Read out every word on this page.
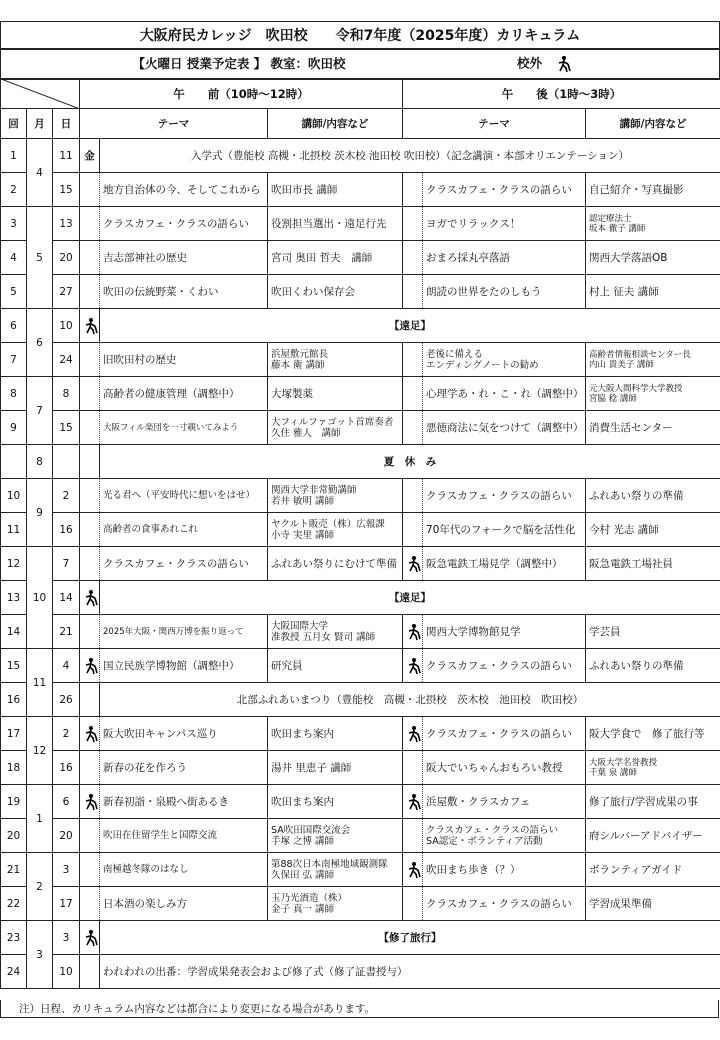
大阪府民カレッジ　吹田校　　令和7年度（2025年度）カリキュラム
【火曜日 授業予定表 】 教室：吹田校	校外
	午　　前（10時～12時）			午　　後（1時～3時）		
回	月	日	テーマ		講師/内容など	テーマ		講師/内容など
1	4	11	金	入学式（豊能校 高槻・北摂校 茨木校 池田校 吹田校）（記念講演・本部オリエンテーション）				
2		15		地方自治体の今、そしてこれから	吹田市長 講師		クラスカフェ・クラスの語らい	自己紹介・写真撮影
3	5	13		クラスカフェ・クラスの語らい	役割担当選出・遠足行先		ヨガでリラックス！	認定療法士
坂本 徹子 講師
4		20		吉志部神社の歴史	宮司 奥田 哲夫　講師		おまろ採丸亭落語	関西大学落語OB
5		27		吹田の伝統野菜・くわい	吹田くわい保存会		朗読の世界をたのしもう	村上 征夫 講師
6	6	10		【遠足】				
7		24		旧吹田村の歴史	浜屋敷元館長
藤本 衛 講師		老後に備える
エンディングノートの勧め	高齢者情報相談センター長
内山 貴美子 講師
8	7	8		高齢者の健康管理（調整中）	大塚製薬		心理学あ・れ・こ・れ（調整中）	元大阪人間科学大学教授
宮脇 稔 講師
9		15		大阪フィル楽団を一寸覗いてみよう	大フィルファゴット首席奏者
久住 雅人　講師		悪徳商法に気をつけて（調整中）	消費生活センター
	8			夏　休　み				
10	9	2		光る君へ（平安時代に想いをはせ）	関西大学非常勤講師
若井 敏明 講師		クラスカフェ・クラスの語らい	ふれあい祭りの準備
11		16		高齢者の食事あれこれ	ヤクルト販売（株）広報課
小寺 実里 講師		70年代のフォークで脳を活性化	今村 光志 講師
12	10	7		クラスカフェ・クラスの語らい	ふれあい祭りにむけて準備		阪急電鉄工場見学（調整中）	阪急電鉄工場社員
13		14		【遠足】				
14		21		2025年大阪・関西万博を振り返って	大阪国際大学
准教授 五月女 賢司 講師		関西大学博物館見学	学芸員
15	11	4		国立民族学博物館（調整中）	研究員		クラスカフェ・クラスの語らい	ふれあい祭りの準備
16		26		北部ふれあいまつり（豊能校　高槻・北摂校　茨木校　池田校　吹田校）				
17	12	2		阪大吹田キャンパス巡り	吹田まち案内		クラスカフェ・クラスの語らい	阪大学食で　修了旅行等
18		16		新春の花を作ろう	湯井 里恵子 講師		阪大でいちゃんおもろい教授	大阪大学名誉教授
千葉 泉 講師
19	1	6		新春初詣・泉殿へ街あるき	吹田まち案内		浜屋敷・クラスカフェ	修了旅行/学習成果の事
20		20		吹田在住留学生と国際交流	SA吹田国際交流会
手塚 之博 講師		クラスカフェ・クラスの語らい
SA認定・ボランティア活動	府シルバーアドバイザー
21	2	3		南極越冬隊のはなし	第88次日本南極地域観測隊
久保田 弘 講師		吹田まち歩き（？）	ボランティアガイド
22		17		日本酒の楽しみ方	玉乃光酒造（株）
金子 真一 講師		クラスカフェ・クラスの語らい	学習成果準備
23	3	3		【修了旅行】				
24		10		われわれの出番：学習成果発表会および修了式（修了証書授与）				
注）日程、カリキュラム内容などは都合により変更になる場合があります。
